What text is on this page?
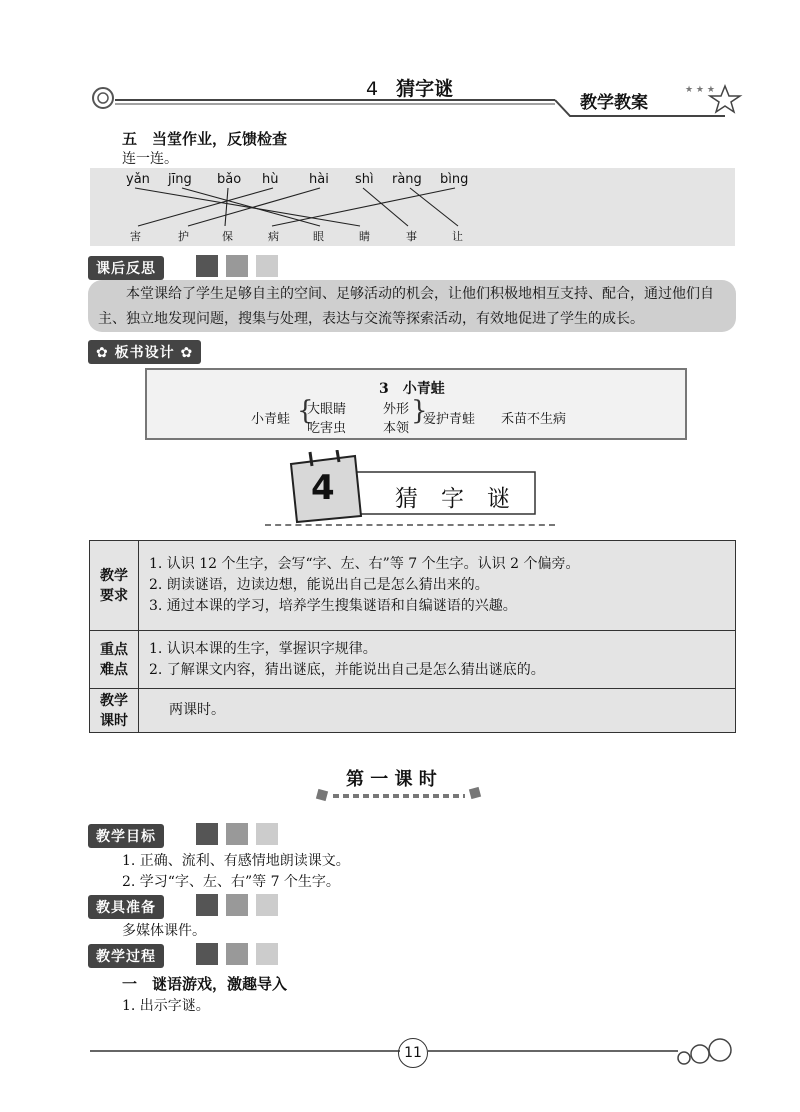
★ ★ ★
4 猜字谜
教学教案
五　当堂作业，反馈检查
连一连。
yǎn jīng bǎo hù hài shì ràng bìng
害	护	保	病	眼	睛	事	让
课后反思
本堂课给了学生足够自主的空间、足够活动的机会，让他们积极地相互支持、配合，通过他们自主、独立地发现问题，搜集与处理，表达与交流等探索活动，有效地促进了学生的成长。
✿ 板书设计 ✿
3　小青蛙
小青蛙 {
大眼睛
吃害虫
外形
本领
}
爱护青蛙 禾苗不生病
4	猜　字　谜
教学要求	1. 认识 12 个生字，会写“字、左、右”等 7 个生字。认识 2 个偏旁。
2. 朗读谜语，边读边想，能说出自己是怎么猜出来的。
3. 通过本课的学习，培养学生搜集谜语和自编谜语的兴趣。

重点难点	1. 认识本课的生字，掌握识字规律。
2. 了解课文内容，猜出谜底，并能说出自己是怎么猜出谜底的。

教学课时	两课时。
第 一 课 时
教学目标
1. 正确、流利、有感情地朗读课文。
2. 学习“字、左、右”等 7 个生字。
教具准备
多媒体课件。
教学过程
一　谜语游戏，激趣导入
1. 出示字谜。
11
